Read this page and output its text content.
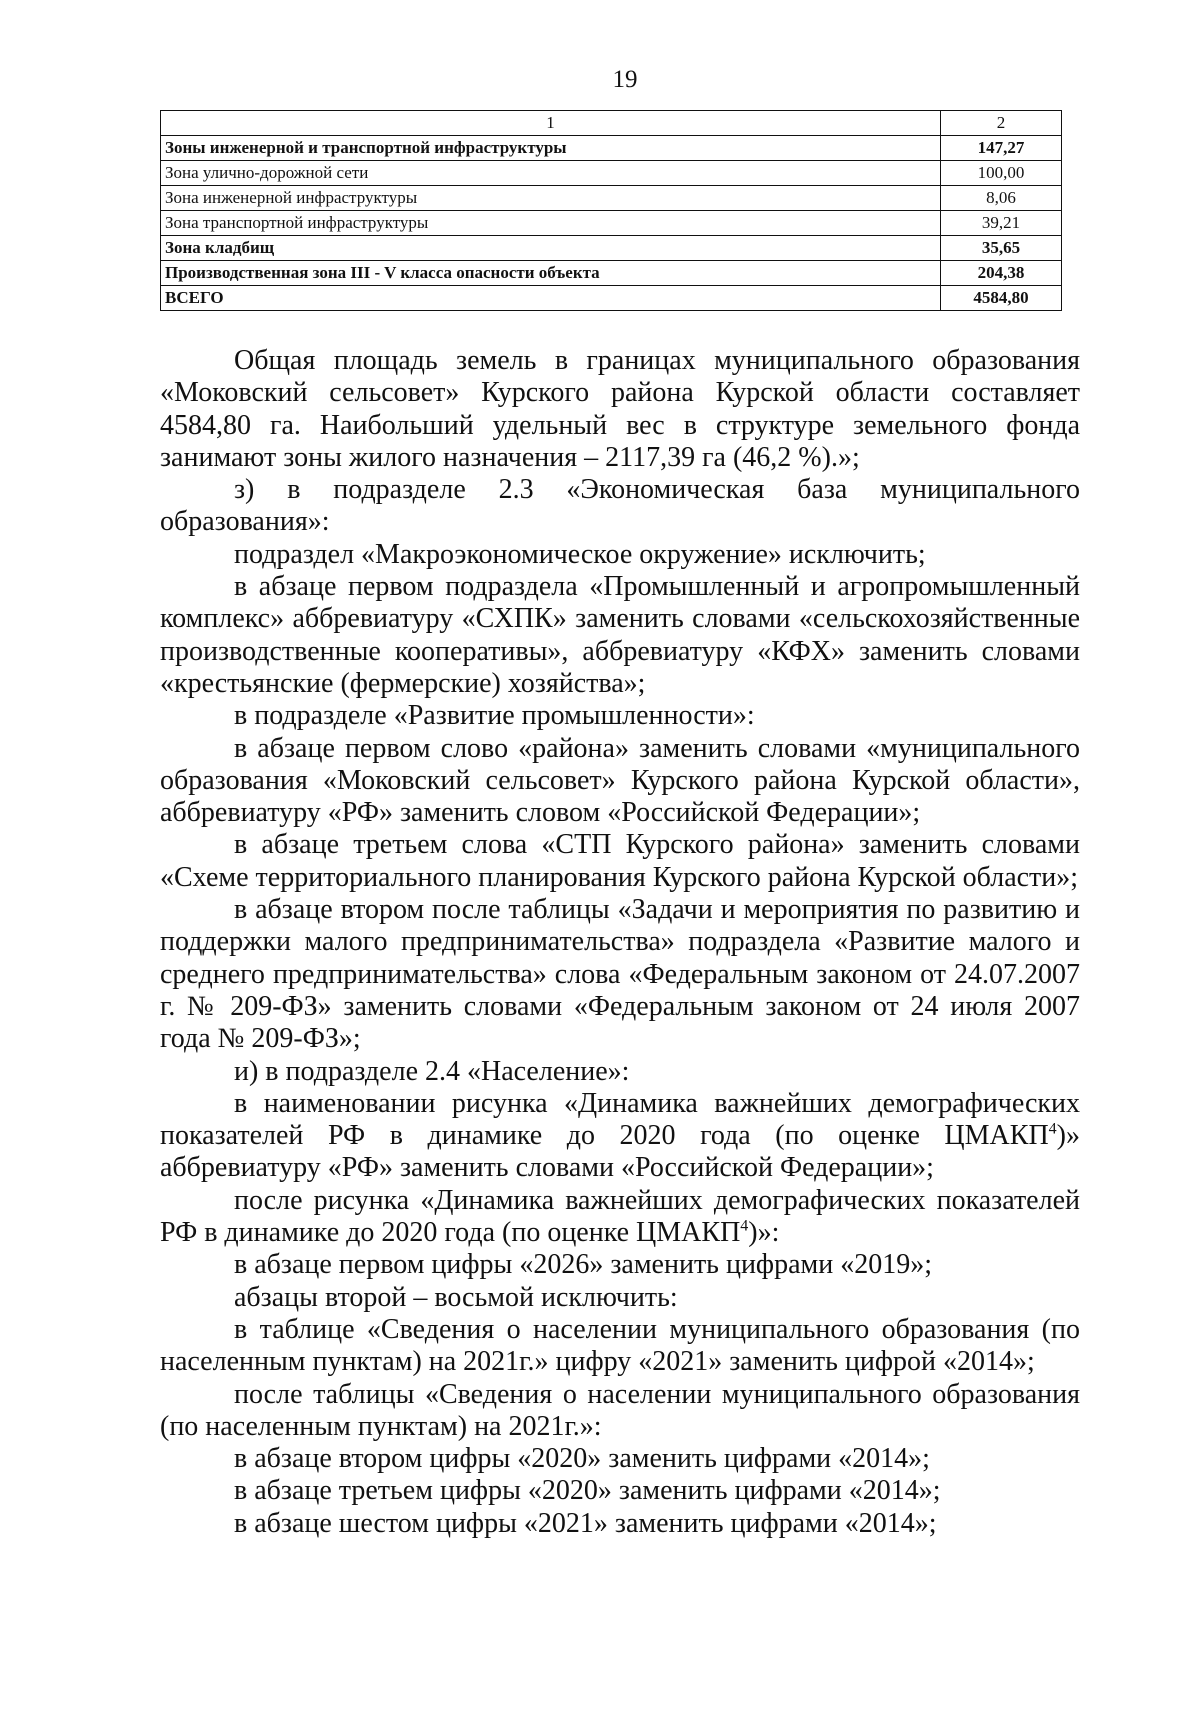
19
1	2
Зоны инженерной и транспортной инфраструктуры	147,27
Зона улично-дорожной сети	100,00
Зона инженерной инфраструктуры	8,06
Зона транспортной инфраструктуры	39,21
Зона кладбищ	35,65
Производственная зона III - V класса опасности объекта	204,38
ВСЕГО	4584,80

Общая площадь земель в границах муниципального образования «Моковский сельсовет» Курского района Курской области составляет 4584,80 га. Наибольший удельный вес в структуре земельного фонда занимают зоны жилого назначения – 2117,39 га (46,2 %).»;

з) в подразделе 2.3 «Экономическая база муниципального образования»:

подраздел «Макроэкономическое окружение» исключить;

в абзаце первом подраздела «Промышленный и агропромышленный комплекс» аббревиатуру «СХПК» заменить словами «сельскохозяйственные производственные кооперативы», аббревиатуру «КФХ» заменить словами «крестьянские (фермерские) хозяйства»;

в подразделе «Развитие промышленности»:

в абзаце первом слово «района» заменить словами «муниципального образования «Моковский сельсовет» Курского района Курской области», аббревиатуру «РФ» заменить словом «Российской Федерации»;

в абзаце третьем слова «СТП Курского района» заменить словами «Схеме территориального планирования Курского района Курской области»;

в абзаце втором после таблицы «Задачи и мероприятия по развитию и поддержки малого предпринимательства» подраздела «Развитие малого и среднего предпринимательства» слова «Федеральным законом от 24.07.2007 г. № 209-ФЗ» заменить словами «Федеральным законом от 24 июля 2007 года № 209-ФЗ»;

и) в подразделе 2.4 «Население»:

в наименовании рисунка «Динамика важнейших демографических показателей РФ в динамике до 2020 года (по оценке ЦМАКП$^4$)» аббревиатуру «РФ» заменить словами «Российской Федерации»;

после рисунка «Динамика важнейших демографических показателей РФ в динамике до 2020 года (по оценке ЦМАКП$^4$)»:

в абзаце первом цифры «2026» заменить цифрами «2019»;

абзацы второй – восьмой исключить:

в таблице «Сведения о населении муниципального образования (по населенным пунктам) на 2021г.» цифру «2021» заменить цифрой «2014»;

после таблицы «Сведения о населении муниципального образования (по населенным пунктам) на 2021г.»:

в абзаце втором цифры «2020» заменить цифрами «2014»;

в абзаце третьем цифры «2020» заменить цифрами «2014»;

в абзаце шестом цифры «2021» заменить цифрами «2014»;
